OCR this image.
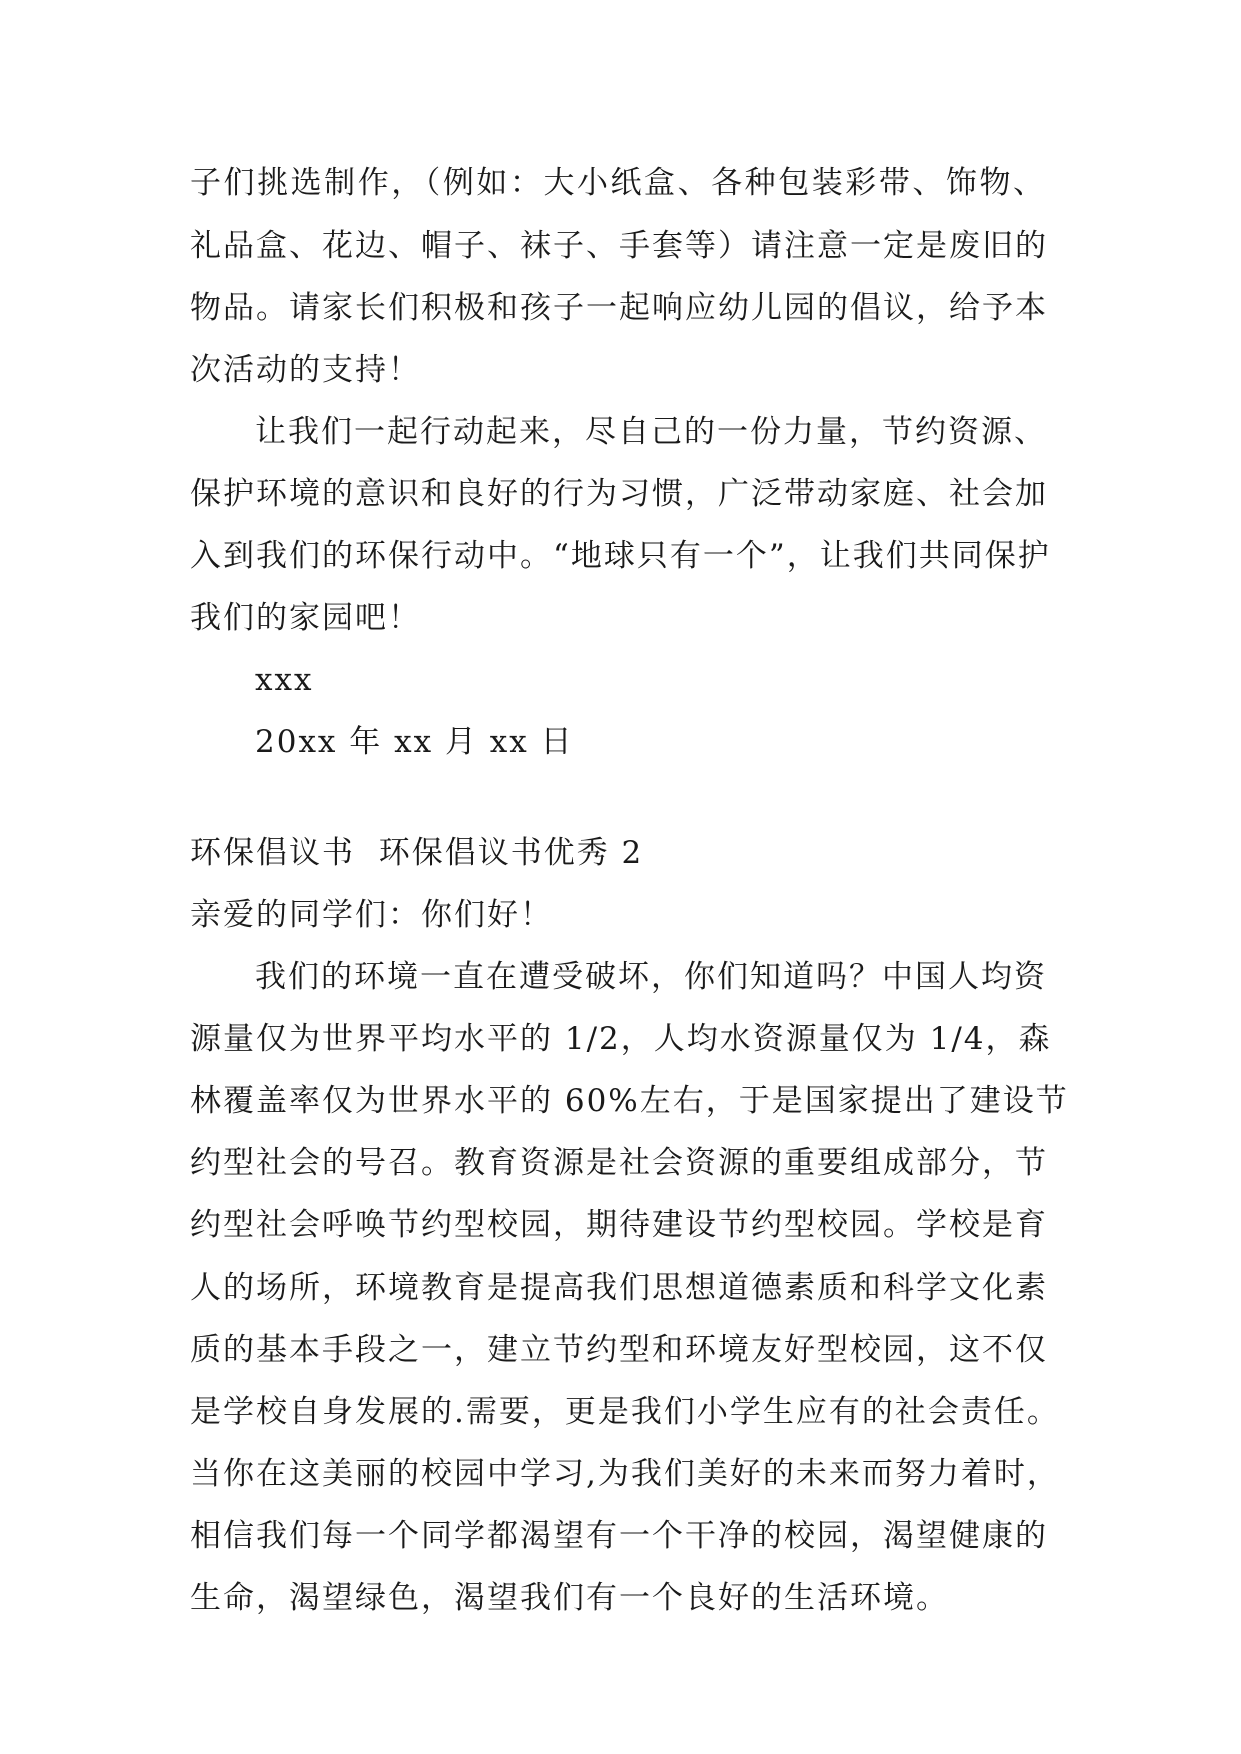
子们挑选制作，（例如：大小纸盒、各种包装彩带、饰物、
礼品盒、花边、帽子、袜子、手套等）请注意一定是废旧的
物品。请家长们积极和孩子一起响应幼儿园的倡议，给予本
次活动的支持！
让我们一起行动起来，尽自己的一份力量，节约资源、
保护环境的意识和良好的行为习惯，广泛带动家庭、社会加
入到我们的环保行动中。“地球只有一个”，让我们共同保护
我们的家园吧！
xxx
20xx 年 xx 月 xx 日
环保倡议书  环保倡议书优秀 2
亲爱的同学们：你们好！
我们的环境一直在遭受破坏，你们知道吗？中国人均资
源量仅为世界平均水平的 1/2，人均水资源量仅为 1/4，森
林覆盖率仅为世界水平的 60%左右，于是国家提出了建设节
约型社会的号召。教育资源是社会资源的重要组成部分，节
约型社会呼唤节约型校园，期待建设节约型校园。学校是育
人的场所，环境教育是提高我们思想道德素质和科学文化素
质的基本手段之一，建立节约型和环境友好型校园，这不仅
是学校自身发展的.需要，更是我们小学生应有的社会责任。
当你在这美丽的校园中学习,为我们美好的未来而努力着时，
相信我们每一个同学都渴望有一个干净的校园，渴望健康的
生命，渴望绿色，渴望我们有一个良好的生活环境。
